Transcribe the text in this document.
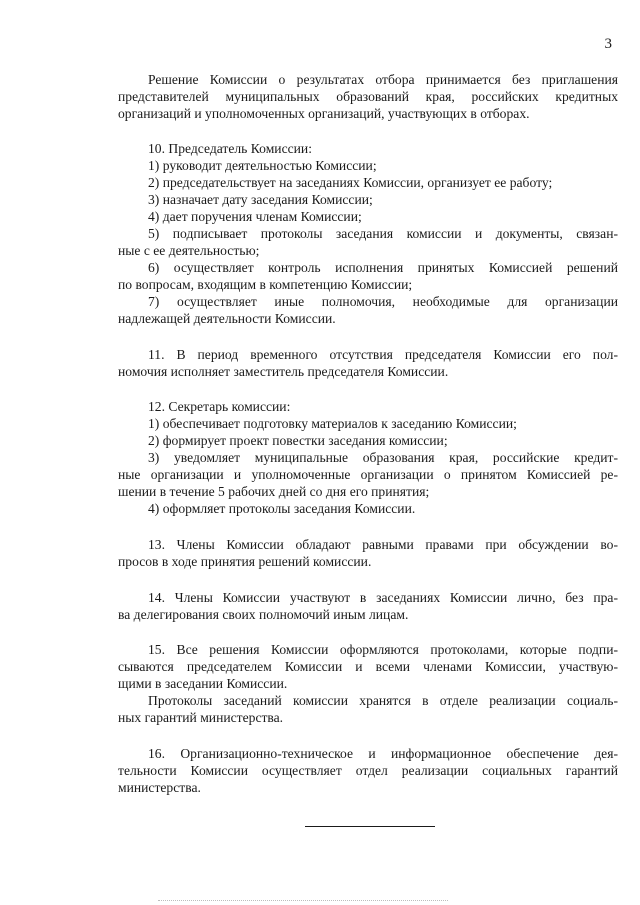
3
Решение Комиссии о результатах отбора принимается без приглашения
представителей муниципальных образований края, российских кредитных
организаций и уполномоченных организаций, участвующих в отборах.
10. Председатель Комиссии:
1) руководит деятельностью Комиссии;
2) председательствует на заседаниях Комиссии, организует ее работу;
3) назначает дату заседания Комиссии;
4) дает поручения членам Комиссии;
5) подписывает протоколы заседания комиссии и документы, связан-
ные с ее деятельностью;
6) осуществляет контроль исполнения принятых Комиссией решений
по вопросам, входящим в компетенцию Комиссии;
7) осуществляет иные полномочия, необходимые для организации
надлежащей деятельности Комиссии.
11. В период временного отсутствия председателя Комиссии его пол-
номочия исполняет заместитель председателя Комиссии.
12. Секретарь комиссии:
1) обеспечивает подготовку материалов к заседанию Комиссии;
2) формирует проект повестки заседания комиссии;
3) уведомляет муниципальные образования края, российские кредит-
ные организации и уполномоченные организации о принятом Комиссией ре-
шении в течение 5 рабочих дней со дня его принятия;
4) оформляет протоколы заседания Комиссии.
13. Члены Комиссии обладают равными правами при обсуждении во-
просов в ходе принятия решений комиссии.
14. Члены Комиссии участвуют в заседаниях Комиссии лично, без пра-
ва делегирования своих полномочий иным лицам.
15. Все решения Комиссии оформляются протоколами, которые подпи-
сываются председателем Комиссии и всеми членами Комиссии, участвую-
щими в заседании Комиссии.
Протоколы заседаний комиссии хранятся в отделе реализации социаль-
ных гарантий министерства.
16. Организационно-техническое и информационное обеспечение дея-
тельности Комиссии осуществляет отдел реализации социальных гарантий
министерства.
